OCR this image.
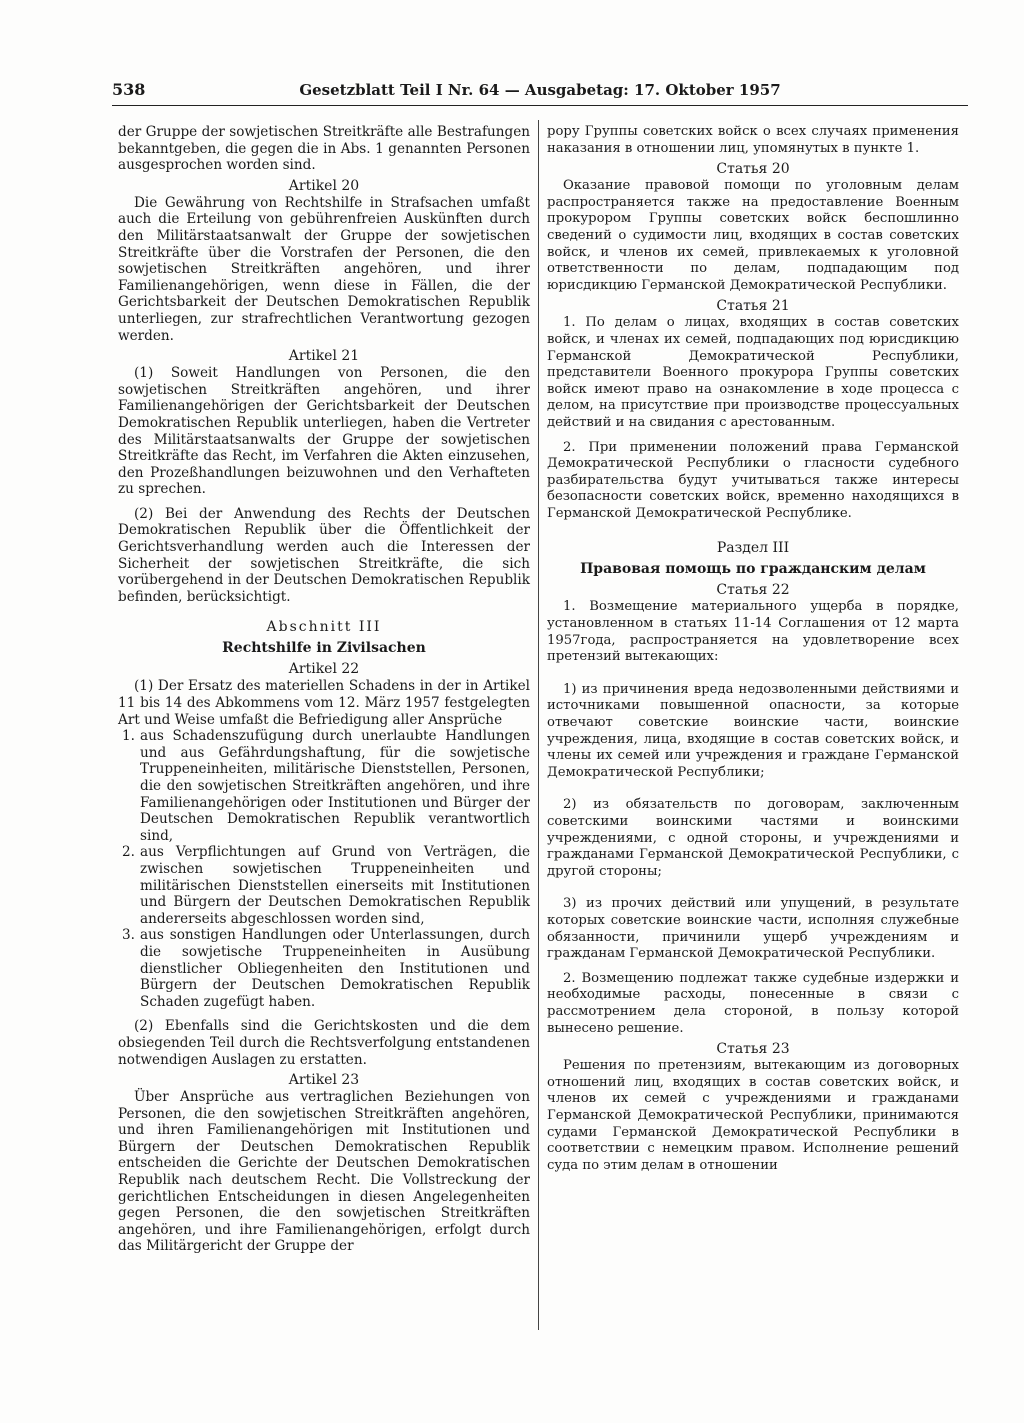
538	Gesetzblatt Teil I Nr. 64 — Ausgabetag: 17. Oktober 1957

der Gruppe der sowjetischen Streitkräfte alle Bestrafungen bekanntgeben, die gegen die in Abs. 1 genannten Personen ausgesprochen worden sind.

Artikel 20

Die Gewährung von Rechtshilfe in Strafsachen umfaßt auch die Erteilung von gebührenfreien Auskünften durch den Militärstaatsanwalt der Gruppe der sowjetischen Streitkräfte über die Vorstrafen der Personen, die den sowjetischen Streitkräften angehören, und ihrer Familienangehörigen, wenn diese in Fällen, die der Gerichtsbarkeit der Deutschen Demokratischen Republik unterliegen, zur strafrechtlichen Verantwortung gezogen werden.

Artikel 21

(1) Soweit Handlungen von Personen, die den sowjetischen Streitkräften angehören, und ihrer Familienangehörigen der Gerichtsbarkeit der Deutschen Demokratischen Republik unterliegen, haben die Vertreter des Militärstaatsanwalts der Gruppe der sowjetischen Streitkräfte das Recht, im Verfahren die Akten einzusehen, den Prozeßhandlungen beizuwohnen und den Verhafteten zu sprechen.

(2) Bei der Anwendung des Rechts der Deutschen Demokratischen Republik über die Öffentlichkeit der Gerichtsverhandlung werden auch die Interessen der Sicherheit der sowjetischen Streitkräfte, die sich vorübergehend in der Deutschen Demokratischen Republik befinden, berücksichtigt.

Abschnitt III
Rechtshilfe in Zivilsachen
Artikel 22

(1) Der Ersatz des materiellen Schadens in der in Artikel 11 bis 14 des Abkommens vom 12. März 1957 festgelegten Art und Weise umfaßt die Befriedigung aller Ansprüche

1. aus Schadenszufügung durch unerlaubte Handlungen und aus Gefährdungshaftung, für die sowjetische Truppeneinheiten, militärische Dienststellen, Personen, die den sowjetischen Streitkräften angehören, und ihre Familienangehörigen oder Institutionen und Bürger der Deutschen Demokratischen Republik verantwortlich sind,
2. aus Verpflichtungen auf Grund von Verträgen, die zwischen sowjetischen Truppeneinheiten und militärischen Dienststellen einerseits mit Institutionen und Bürgern der Deutschen Demokratischen Republik andererseits abgeschlossen worden sind,
3. aus sonstigen Handlungen oder Unterlassungen, durch die sowjetische Truppeneinheiten in Ausübung dienstlicher Obliegenheiten den Institutionen und Bürgern der Deutschen Demokratischen Republik Schaden zugefügt haben.

(2) Ebenfalls sind die Gerichtskosten und die dem obsiegenden Teil durch die Rechtsverfolgung entstandenen notwendigen Auslagen zu erstatten.

Artikel 23

Über Ansprüche aus vertraglichen Beziehungen von Personen, die den sowjetischen Streitkräften angehören, und ihren Familienangehörigen mit Institutionen und Bürgern der Deutschen Demokratischen Republik entscheiden die Gerichte der Deutschen Demokratischen Republik nach deutschem Recht. Die Vollstreckung der gerichtlichen Entscheidungen in diesen Angelegenheiten gegen Personen, die den sowjetischen Streitkräften angehören, und ihre Familienangehörigen, erfolgt durch das Militärgericht der Gruppe der

рору Группы советских войск о всех случаях применения наказания в отношении лиц, упомянутых в пункте 1.

Статья 20

Оказание правовой помощи по уголовным делам распространяется также на предоставление Военным прокурором Группы советских войск беспошлинно сведений о судимости лиц, входящих в состав советских войск, и членов их семей, привлекаемых к уголовной ответственности по делам, подпадающим под юрисдикцию Германской Демократической Республики.

Статья 21

1. По делам о лицах, входящих в состав советских войск, и членах их семей, подпадающих под юрисдикцию Германской Демократической Республики, представители Военного прокурора Группы советских войск имеют право на ознакомление в ходе процесса с делом, на присутствие при производстве процессуальных действий и на свидания с арестованным.

2. При применении положений права Германской Демократической Республики о гласности судебного разбирательства будут учитываться также интересы безопасности советских войск, временно находящихся в Германской Демократической Республике.

Раздел III
Правовая помощь по гражданским делам
Статья 22

1. Возмещение материального ущерба в порядке, установленном в статьях 11-14 Соглашения от 12 марта 1957года, распространяется на удовлетворение всех претензий вытекающих:

1) из причинения вреда недозволенными действиями и источниками повышенной опасности, за которые отвечают советские воинские части, воинские учреждения, лица, входящие в состав советских войск, и члены их семей или учреждения и граждане Германской Демократической Республики;

2) из обязательств по договорам, заключенным советскими воинскими частями и воинскими учреждениями, с одной стороны, и учреждениями и гражданами Германской Демократической Республики, с другой стороны;

3) из прочих действий или упущений, в результате которых советские воинские части, исполняя служебные обязанности, причинили ущерб учреждениям и гражданам Германской Демократической Республики.

2. Возмещению подлежат также судебные издержки и необходимые расходы, понесенные в связи с рассмотрением дела стороной, в пользу которой вынесено решение.

Статья 23

Решения по претензиям, вытекающим из договорных отношений лиц, входящих в состав советских войск, и членов их семей с учреждениями и гражданами Германской Демократической Республики, принимаются судами Германской Демократической Республики в соответствии с немецким правом. Исполнение решений суда по этим делам в отношении
